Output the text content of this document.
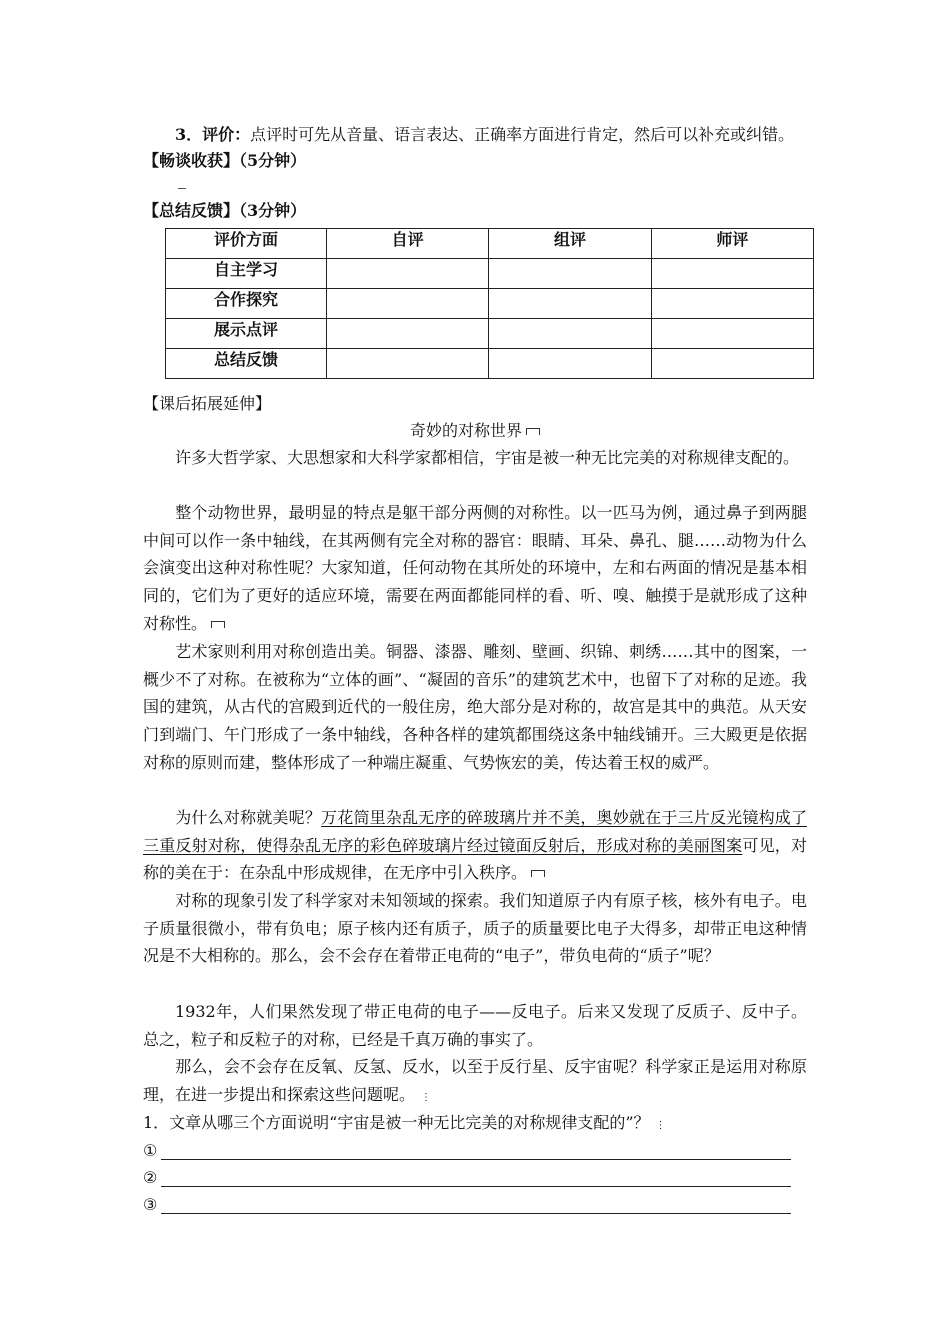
3．评价：点评时可先从音量、语言表达、正确率方面进行肯定，然后可以补充或纠错。
【畅谈收获】（5分钟）
【总结反馈】（3分钟）
评价方面	自评	组评	师评
自主学习			
合作探究			
展示点评			
总结反馈			
【课后拓展延伸】
奇妙的对称世界
许多大哲学家、大思想家和大科学家都相信，宇宙是被一种无比完美的对称规律支配的。
整个动物世界，最明显的特点是躯干部分两侧的对称性。以一匹马为例，通过鼻子到两腿中间可以作一条中轴线，在其两侧有完全对称的器官：眼睛、耳朵、鼻孔、腿……动物为什么会演变出这种对称性呢？大家知道，任何动物在其所处的环境中，左和右两面的情况是基本相同的，它们为了更好的适应环境，需要在两面都能同样的看、听、嗅、触摸于是就形成了这种对称性。
艺术家则利用对称创造出美。铜器、漆器、雕刻、壁画、织锦、刺绣……其中的图案，一概少不了对称。在被称为“立体的画”、“凝固的音乐”的建筑艺术中，也留下了对称的足迹。我国的建筑，从古代的宫殿到近代的一般住房，绝大部分是对称的，故宫是其中的典范。从天安门到端门、午门形成了一条中轴线，各种各样的建筑都围绕这条中轴线铺开。三大殿更是依据对称的原则而建，整体形成了一种端庄凝重、气势恢宏的美，传达着王权的威严。
为什么对称就美呢？万花筒里杂乱无序的碎玻璃片并不美，奥妙就在于三片反光镜构成了三重反射对称，使得杂乱无序的彩色碎玻璃片经过镜面反射后，形成对称的美丽图案可见，对称的美在于：在杂乱中形成规律，在无序中引入秩序。
对称的现象引发了科学家对未知领域的探索。我们知道原子内有原子核，核外有电子。电子质量很微小，带有负电；原子核内还有质子，质子的质量要比电子大得多，却带正电这种情况是不大相称的。那么，会不会存在着带正电荷的“电子”，带负电荷的“质子”呢？
1932年，人们果然发现了带正电荷的电子——反电子。后来又发现了反质子、反中子。总之，粒子和反粒子的对称，已经是千真万确的事实了。
那么，会不会存在反氧、反氢、反水，以至于反行星、反宇宙呢？科学家正是运用对称原理，在进一步提出和探索这些问题呢。 ⋮
1．文章从哪三个方面说明“宇宙是被一种无比完美的对称规律支配的”？ ⋮
①
②
③
